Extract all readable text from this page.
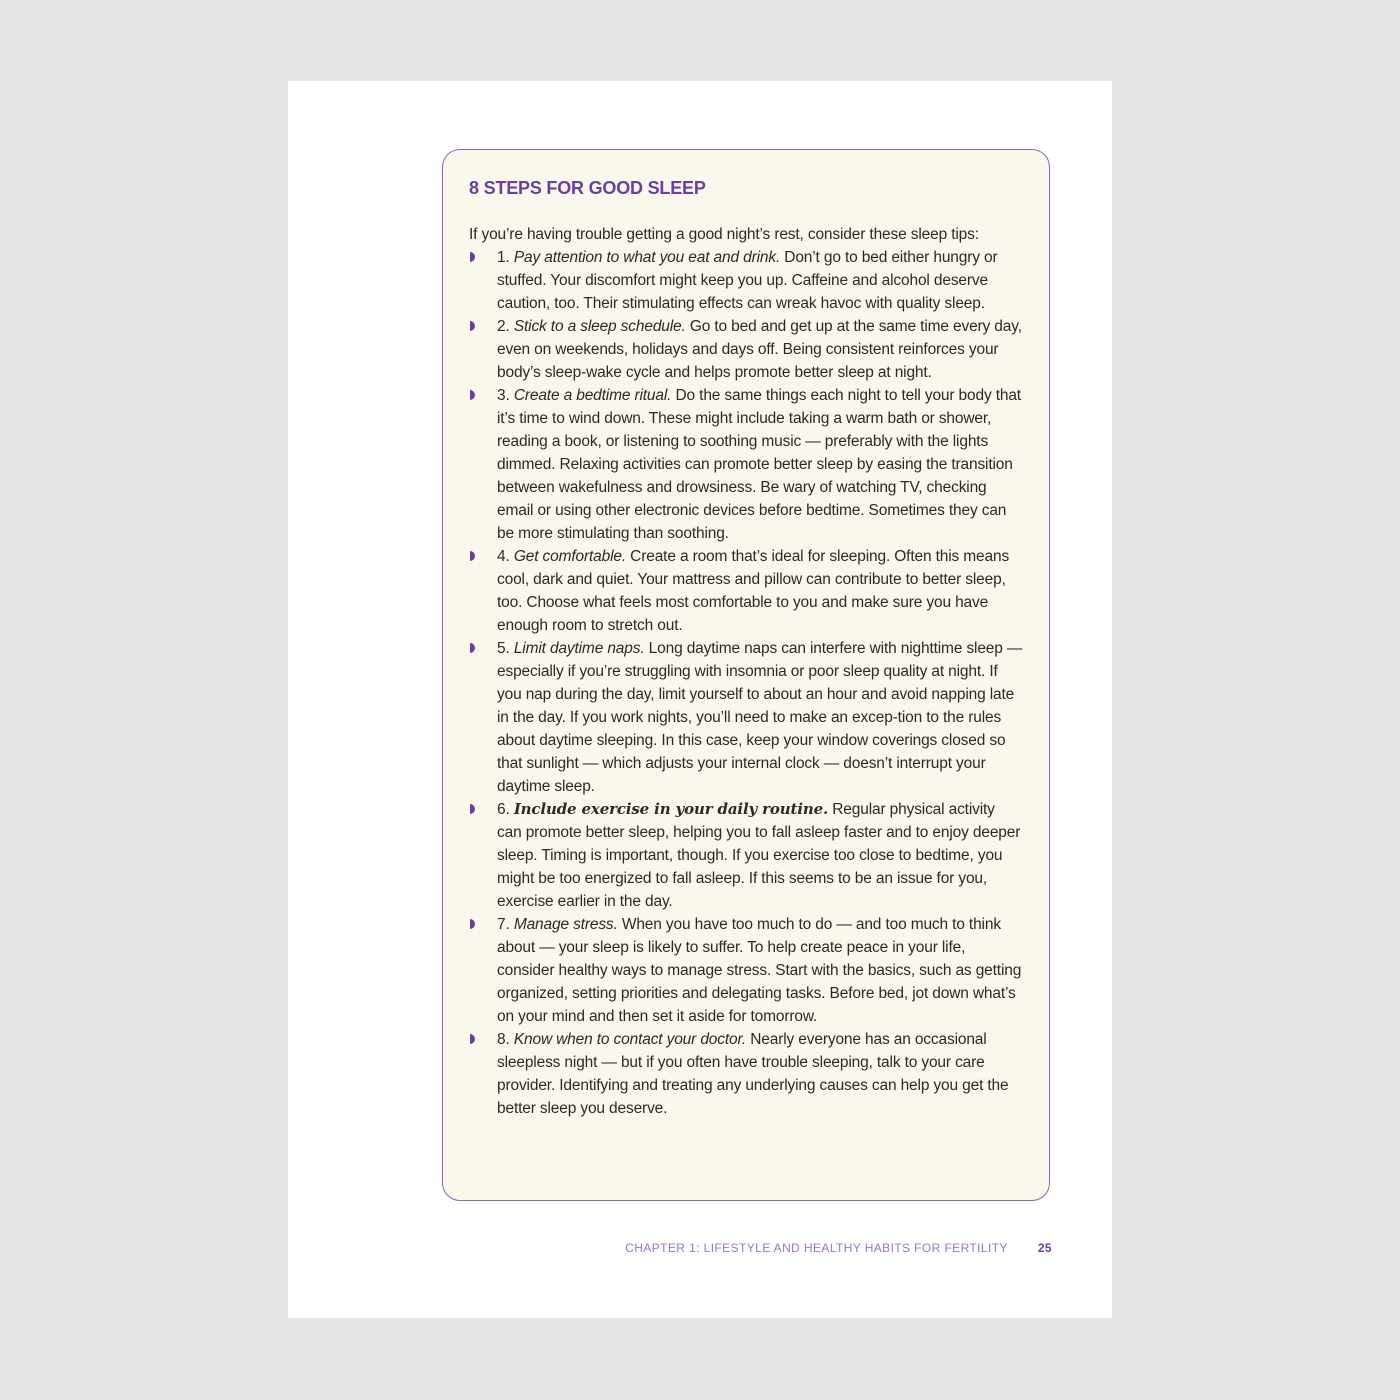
8 STEPS FOR GOOD SLEEP

If you’re having trouble getting a good night’s rest, consider these sleep tips:

1. Pay attention to what you eat and drink. Don’t go to bed either hungry or stuffed. Your discomfort might keep you up. Caffeine and alcohol deserve caution, too. Their stimulating effects can wreak havoc with quality sleep.
2. Stick to a sleep schedule. Go to bed and get up at the same time every day, even on weekends, holidays and days off. Being consistent reinforces your body’s sleep-wake cycle and helps promote better sleep at night.
3. Create a bedtime ritual. Do the same things each night to tell your body that it’s time to wind down. These might include taking a warm bath or shower, reading a book, or listening to soothing music — preferably with the lights dimmed. Relaxing activities can promote better sleep by easing the transition between wakefulness and drowsiness. Be wary of watching TV, checking email or using other electronic devices before bedtime. Sometimes they can be more stimulating than soothing.
4. Get comfortable. Create a room that’s ideal for sleeping. Often this means cool, dark and quiet. Your mattress and pillow can contribute to better sleep, too. Choose what feels most comfortable to you and make sure you have enough room to stretch out.
5. Limit daytime naps. Long daytime naps can interfere with nighttime sleep — especially if you’re struggling with insomnia or poor sleep quality at night. If you nap during the day, limit yourself to about an hour and avoid napping late in the day. If you work nights, you’ll need to make an excep-tion to the rules about daytime sleeping. In this case, keep your window coverings closed so that sunlight — which adjusts your internal clock — doesn’t interrupt your daytime sleep.
6. Include exercise in your daily routine. Regular physical activity can promote better sleep, helping you to fall asleep faster and to enjoy deeper sleep. Timing is important, though. If you exercise too close to bedtime, you might be too energized to fall asleep. If this seems to be an issue for you, exercise earlier in the day.
7. Manage stress. When you have too much to do — and too much to think about — your sleep is likely to suffer. To help create peace in your life, consider healthy ways to manage stress. Start with the basics, such as getting organized, setting priorities and delegating tasks. Before bed, jot down what’s on your mind and then set it aside for tomorrow.
8. Know when to contact your doctor. Nearly everyone has an occasional sleepless night — but if you often have trouble sleeping, talk to your care provider. Identifying and treating any underlying causes can help you get the better sleep you deserve.
CHAPTER 1: LIFESTYLE AND HEALTHY HABITS FOR FERTILITY	25
